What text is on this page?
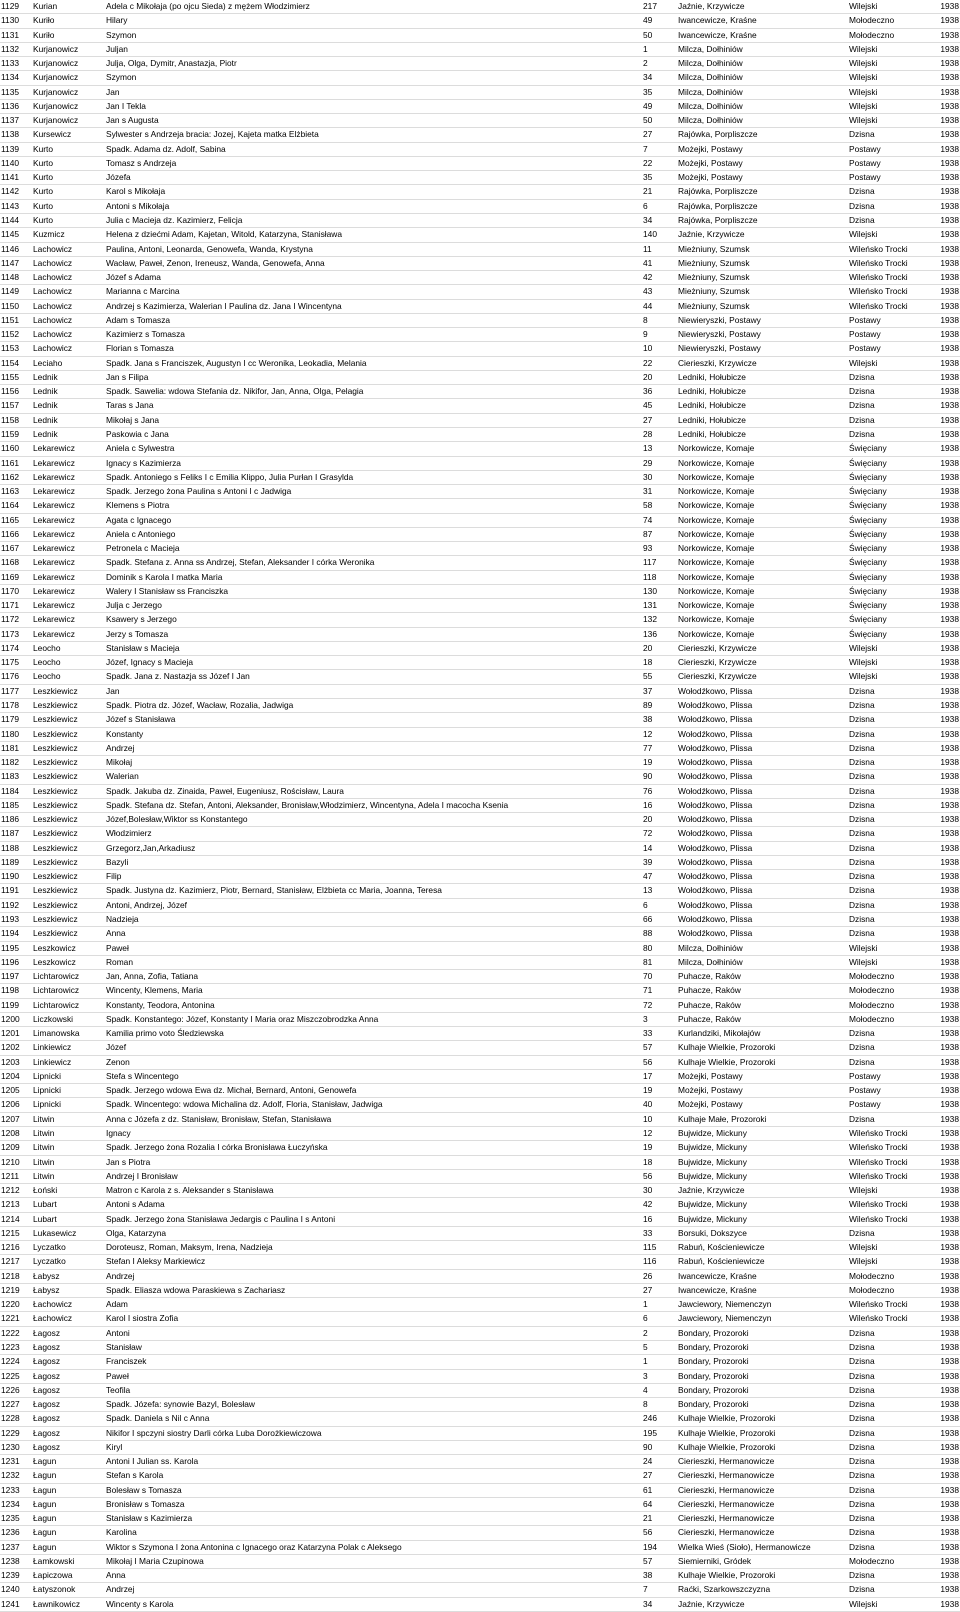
1129	Kurian	Adela c Mikołaja (po ojcu Sieda) z mężem Włodzimierz	217	Jaźnie, Krzywicze	Wilejski	1938
1130	Kuriło	Hilary	49	Iwancewicze, Kraśne	Mołodeczno	1938
1131	Kuriło	Szymon	50	Iwancewicze, Kraśne	Mołodeczno	1938
1132	Kurjanowicz	Juljan	1	Milcza, Dołhiniów	Wilejski	1938
1133	Kurjanowicz	Julja, Olga, Dymitr, Anastazja, Piotr	2	Milcza, Dołhiniów	Wilejski	1938
1134	Kurjanowicz	Szymon	34	Milcza, Dołhiniów	Wilejski	1938
1135	Kurjanowicz	Jan	35	Milcza, Dołhiniów	Wilejski	1938
1136	Kurjanowicz	Jan I Tekla	49	Milcza, Dołhiniów	Wilejski	1938
1137	Kurjanowicz	Jan s Augusta	50	Milcza, Dołhiniów	Wilejski	1938
1138	Kursewicz	Sylwester s Andrzeja bracia: Jozej, Kajeta matka Elżbieta	27	Rajówka, Porpliszcze	Dzisna	1938
1139	Kurto	Spadk. Adama dz. Adolf, Sabina	7	Możejki, Postawy	Postawy	1938
1140	Kurto	Tomasz s Andrzeja	22	Możejki, Postawy	Postawy	1938
1141	Kurto	Józefa	35	Możejki, Postawy	Postawy	1938
1142	Kurto	Karol s Mikołaja	21	Rajówka, Porpliszcze	Dzisna	1938
1143	Kurto	Antoni s Mikołaja	6	Rajówka, Porpliszcze	Dzisna	1938
1144	Kurto	Julia c Macieja dz. Kazimierz, Felicja	34	Rajówka, Porpliszcze	Dzisna	1938
1145	Kuzmicz	Helena z dziećmi Adam, Kajetan, Witold, Katarzyna, Stanisława	140	Jaźnie, Krzywicze	Wilejski	1938
1146	Lachowicz	Paulina, Antoni, Leonarda, Genowefa, Wanda, Krystyna	11	Mieżniuny, Szumsk	Wileńsko Trocki	1938
1147	Lachowicz	Wacław, Paweł, Zenon, Ireneusz, Wanda, Genowefa, Anna	41	Mieżniuny, Szumsk	Wileńsko Trocki	1938
1148	Lachowicz	Józef s Adama	42	Mieżniuny, Szumsk	Wileńsko Trocki	1938
1149	Lachowicz	Marianna c Marcina	43	Mieżniuny, Szumsk	Wileńsko Trocki	1938
1150	Lachowicz	Andrzej s Kazimierza, Walerian I Paulina dz. Jana I Wincentyna	44	Mieżniuny, Szumsk	Wileńsko Trocki	1938
1151	Lachowicz	Adam s Tomasza	8	Niewieryszki, Postawy	Postawy	1938
1152	Lachowicz	Kazimierz s Tomasza	9	Niewieryszki, Postawy	Postawy	1938
1153	Lachowicz	Florian s Tomasza	10	Niewieryszki, Postawy	Postawy	1938
1154	Leciaho	Spadk. Jana s Franciszek, Augustyn I cc Weronika, Leokadia, Melania	22	Cierieszki, Krzywicze	Wilejski	1938
1155	Lednik	Jan s Filipa	20	Ledniki, Hołubicze	Dzisna	1938
1156	Lednik	Spadk. Sawelia: wdowa Stefania dz. Nikifor, Jan, Anna, Olga, Pelagia	36	Ledniki, Hołubicze	Dzisna	1938
1157	Lednik	Taras s Jana	45	Ledniki, Hołubicze	Dzisna	1938
1158	Lednik	Mikołaj s Jana	27	Ledniki, Hołubicze	Dzisna	1938
1159	Lednik	Paskowia c Jana	28	Ledniki, Hołubicze	Dzisna	1938
1160	Lekarewicz	Aniela c Sylwestra	13	Norkowicze, Komaje	Święciany	1938
1161	Lekarewicz	Ignacy s Kazimierza	29	Norkowicze, Komaje	Święciany	1938
1162	Lekarewicz	Spadk. Antoniego s Feliks I c Emilia Klippo, Julia Purłan I Grasylda	30	Norkowicze, Komaje	Święciany	1938
1163	Lekarewicz	Spadk. Jerzego żona Paulina s Antoni I c Jadwiga	31	Norkowicze, Komaje	Święciany	1938
1164	Lekarewicz	Klemens s Piotra	58	Norkowicze, Komaje	Święciany	1938
1165	Lekarewicz	Agata c Ignacego	74	Norkowicze, Komaje	Święciany	1938
1166	Lekarewicz	Aniela c Antoniego	87	Norkowicze, Komaje	Święciany	1938
1167	Lekarewicz	Petronela c Macieja	93	Norkowicze, Komaje	Święciany	1938
1168	Lekarewicz	Spadk. Stefana z. Anna ss Andrzej, Stefan, Aleksander I córka Weronika	117	Norkowicze, Komaje	Święciany	1938
1169	Lekarewicz	Dominik s Karola I matka Maria	118	Norkowicze, Komaje	Święciany	1938
1170	Lekarewicz	Walery I Stanisław ss Franciszka	130	Norkowicze, Komaje	Święciany	1938
1171	Lekarewicz	Julja c Jerzego	131	Norkowicze, Komaje	Święciany	1938
1172	Lekarewicz	Ksawery s Jerzego	132	Norkowicze, Komaje	Święciany	1938
1173	Lekarewicz	Jerzy s Tomasza	136	Norkowicze, Komaje	Święciany	1938
1174	Leocho	Stanisław s Macieja	20	Cierieszki, Krzywicze	Wilejski	1938
1175	Leocho	Józef, Ignacy s Macieja	18	Cierieszki, Krzywicze	Wilejski	1938
1176	Leocho	Spadk. Jana z. Nastazja ss Józef I Jan	55	Cierieszki, Krzywicze	Wilejski	1938
1177	Leszkiewicz	Jan	37	Wołodźkowo, Plissa	Dzisna	1938
1178	Leszkiewicz	Spadk. Piotra dz. Józef, Wacław, Rozalia, Jadwiga	89	Wołodźkowo, Plissa	Dzisna	1938
1179	Leszkiewicz	Józef s Stanisława	38	Wołodźkowo, Plissa	Dzisna	1938
1180	Leszkiewicz	Konstanty	12	Wołodźkowo, Plissa	Dzisna	1938
1181	Leszkiewicz	Andrzej	77	Wołodźkowo, Plissa	Dzisna	1938
1182	Leszkiewicz	Mikołaj	19	Wołodźkowo, Plissa	Dzisna	1938
1183	Leszkiewicz	Walerian	90	Wołodźkowo, Plissa	Dzisna	1938
1184	Leszkiewicz	Spadk. Jakuba dz. Zinaida, Paweł, Eugeniusz, Rościsław, Laura	76	Wołodźkowo, Plissa	Dzisna	1938
1185	Leszkiewicz	Spadk. Stefana dz. Stefan, Antoni, Aleksander, Bronisław,Włodzimierz, Wincentyna, Adela I macocha Ksenia	16	Wołodźkowo, Plissa	Dzisna	1938
1186	Leszkiewicz	Józef,Bolesław,Wiktor ss Konstantego	20	Wołodźkowo, Plissa	Dzisna	1938
1187	Leszkiewicz	Włodzimierz	72	Wołodźkowo, Plissa	Dzisna	1938
1188	Leszkiewicz	Grzegorz,Jan,Arkadiusz	14	Wołodźkowo, Plissa	Dzisna	1938
1189	Leszkiewicz	Bazyli	39	Wołodźkowo, Plissa	Dzisna	1938
1190	Leszkiewicz	Filip	47	Wołodźkowo, Plissa	Dzisna	1938
1191	Leszkiewicz	Spadk. Justyna dz. Kazimierz, Piotr, Bernard, Stanisław, Elżbieta cc Maria, Joanna, Teresa	13	Wołodźkowo, Plissa	Dzisna	1938
1192	Leszkiewicz	Antoni, Andrzej, Józef	6	Wołodźkowo, Plissa	Dzisna	1938
1193	Leszkiewicz	Nadzieja	66	Wołodźkowo, Plissa	Dzisna	1938
1194	Leszkiewicz	Anna	88	Wołodźkowo, Plissa	Dzisna	1938
1195	Leszkowicz	Paweł	80	Milcza, Dołhiniów	Wilejski	1938
1196	Leszkowicz	Roman	81	Milcza, Dołhiniów	Wilejski	1938
1197	Lichtarowicz	Jan, Anna, Zofia, Tatiana	70	Puhacze, Raków	Mołodeczno	1938
1198	Lichtarowicz	Wincenty, Klemens, Maria	71	Puhacze, Raków	Mołodeczno	1938
1199	Lichtarowicz	Konstanty, Teodora, Antonina	72	Puhacze, Raków	Mołodeczno	1938
1200	Liczkowski	Spadk. Konstantego: Józef, Konstanty I Maria oraz Miszczobrodzka Anna	3	Puhacze, Raków	Mołodeczno	1938
1201	Limanowska	Kamilia primo voto Śledziewska	33	Kurlandziki, Mikołajów	Dzisna	1938
1202	Linkiewicz	Józef	57	Kulhaje Wielkie, Prozoroki	Dzisna	1938
1203	Linkiewicz	Zenon	56	Kulhaje Wielkie, Prozoroki	Dzisna	1938
1204	Lipnicki	Stefa s Wincentego	17	Możejki, Postawy	Postawy	1938
1205	Lipnicki	Spadk. Jerzego wdowa Ewa dz. Michał, Bernard, Antoni, Genowefa	19	Możejki, Postawy	Postawy	1938
1206	Lipnicki	Spadk. Wincentego: wdowa Michalina dz. Adolf, Floria, Stanisław, Jadwiga	40	Możejki, Postawy	Postawy	1938
1207	Litwin	Anna c Józefa z dz. Stanisław, Bronisław, Stefan, Stanisława	10	Kulhaje Małe, Prozoroki	Dzisna	1938
1208	Litwin	Ignacy	12	Bujwidze, Mickuny	Wileńsko Trocki	1938
1209	Litwin	Spadk. Jerzego żona Rozalia I córka Bronisława Łuczyńska	19	Bujwidze, Mickuny	Wileńsko Trocki	1938
1210	Litwin	Jan s Piotra	18	Bujwidze, Mickuny	Wileńsko Trocki	1938
1211	Litwin	Andrzej I Bronisław	56	Bujwidze, Mickuny	Wileńsko Trocki	1938
1212	Łoński	Matron c Karola z s. Aleksander s Stanisława	30	Jaźnie, Krzywicze	Wilejski	1938
1213	Lubart	Antoni s Adama	42	Bujwidze, Mickuny	Wileńsko Trocki	1938
1214	Lubart	Spadk. Jerzego żona Stanisława Jedargis c Paulina I s Antoni	16	Bujwidze, Mickuny	Wileńsko Trocki	1938
1215	Lukasewicz	Olga, Katarzyna	33	Borsuki, Dokszyce	Dzisna	1938
1216	Lyczatko	Doroteusz, Roman, Maksym, Irena, Nadzieja	115	Rabuń, Kościeniewicze	Wilejski	1938
1217	Lyczatko	Stefan I Aleksy Markiewicz	116	Rabuń, Kościeniewicze	Wilejski	1938
1218	Łabysz	Andrzej	26	Iwancewicze, Kraśne	Mołodeczno	1938
1219	Łabysz	Spadk. Eliasza wdowa Paraskiewa s Zachariasz	27	Iwancewicze, Kraśne	Mołodeczno	1938
1220	Łachowicz	Adam	1	Jawciewory, Niemenczyn	Wileńsko Trocki	1938
1221	Łachowicz	Karol I siostra Zofia	6	Jawciewory, Niemenczyn	Wileńsko Trocki	1938
1222	Łagosz	Antoni	2	Bondary, Prozoroki	Dzisna	1938
1223	Łagosz	Stanisław	5	Bondary, Prozoroki	Dzisna	1938
1224	Łagosz	Franciszek	1	Bondary, Prozoroki	Dzisna	1938
1225	Łagosz	Paweł	3	Bondary, Prozoroki	Dzisna	1938
1226	Łagosz	Teofila	4	Bondary, Prozoroki	Dzisna	1938
1227	Łagosz	Spadk. Józefa: synowie Bazyl, Bolesław	8	Bondary, Prozoroki	Dzisna	1938
1228	Łagosz	Spadk. Daniela s Nil c Anna	246	Kulhaje Wielkie, Prozoroki	Dzisna	1938
1229	Łagosz	Nikifor I spczyni siostry Darli córka Luba Dorożkiewiczowa	195	Kulhaje Wielkie, Prozoroki	Dzisna	1938
1230	Łagosz	Kiryl	90	Kulhaje Wielkie, Prozoroki	Dzisna	1938
1231	Łagun	Antoni I Julian ss. Karola	24	Cierieszki, Hermanowicze	Dzisna	1938
1232	Łagun	Stefan s Karola	27	Cierieszki, Hermanowicze	Dzisna	1938
1233	Łagun	Bolesław s Tomasza	61	Cierieszki, Hermanowicze	Dzisna	1938
1234	Łagun	Bronisław s Tomasza	64	Cierieszki, Hermanowicze	Dzisna	1938
1235	Łagun	Stanisław s Kazimierza	21	Cierieszki, Hermanowicze	Dzisna	1938
1236	Łagun	Karolina	56	Cierieszki, Hermanowicze	Dzisna	1938
1237	Łagun	Wiktor s Szymona I żona Antonina c Ignacego oraz Katarzyna Polak c Aleksego	194	Wielka Wieś (Sioło), Hermanowicze	Dzisna	1938
1238	Łamkowski	Mikołaj I Maria Czupinowa	57	Siemierniki, Gródek	Mołodeczno	1938
1239	Łapiczowa	Anna	38	Kulhaje Wielkie, Prozoroki	Dzisna	1938
1240	Łatyszonok	Andrzej	7	Raćki, Szarkowszczyzna	Dzisna	1938
1241	Ławnikowicz	Wincenty s Karola	34	Jaźnie, Krzywicze	Wilejski	1938
